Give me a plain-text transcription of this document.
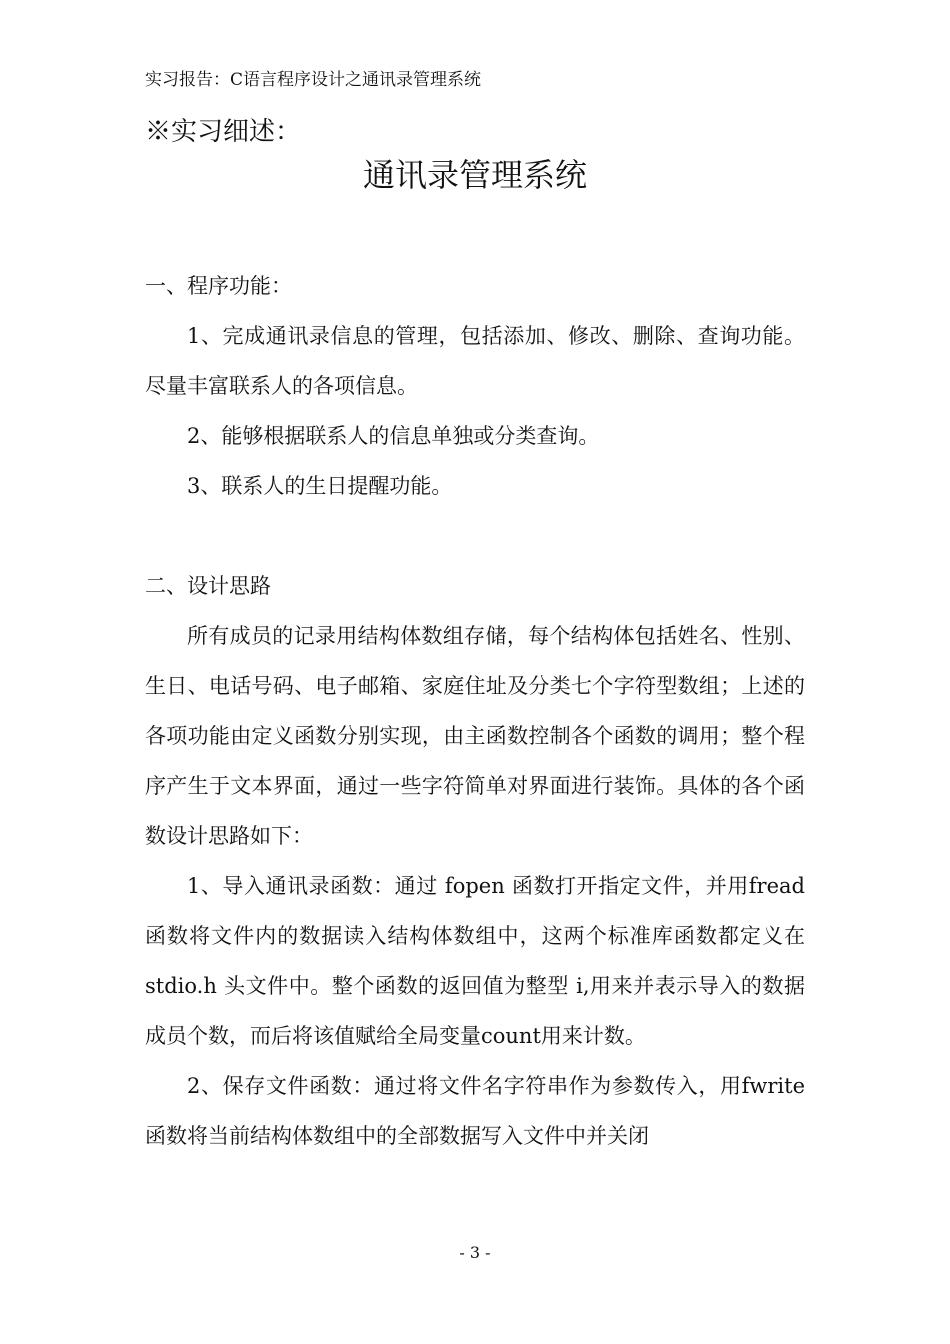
实习报告：C语言程序设计之通讯录管理系统
※实习细述：
通讯录管理系统

一、程序功能：

1、完成通讯录信息的管理，包括添加、修改、删除、查询功能。尽量丰富联系人的各项信息。

2、能够根据联系人的信息单独或分类查询。

3、联系人的生日提醒功能。

二、设计思路

所有成员的记录用结构体数组存储，每个结构体包括姓名、性别、生日、电话号码、电子邮箱、家庭住址及分类七个字符型数组；上述的各项功能由定义函数分别实现，由主函数控制各个函数的调用；整个程序产生于文本界面，通过一些字符简单对界面进行装饰。具体的各个函数设计思路如下：

1、导入通讯录函数：通过 fopen 函数打开指定文件，并用fread函数将文件内的数据读入结构体数组中，这两个标准库函数都定义在 stdio.h 头文件中。整个函数的返回值为整型 i,用来并表示导入的数据成员个数，而后将该值赋给全局变量count用来计数。

2、保存文件函数：通过将文件名字符串作为参数传入，用fwrite 函数将当前结构体数组中的全部数据写入文件中并关闭

- 3 -
